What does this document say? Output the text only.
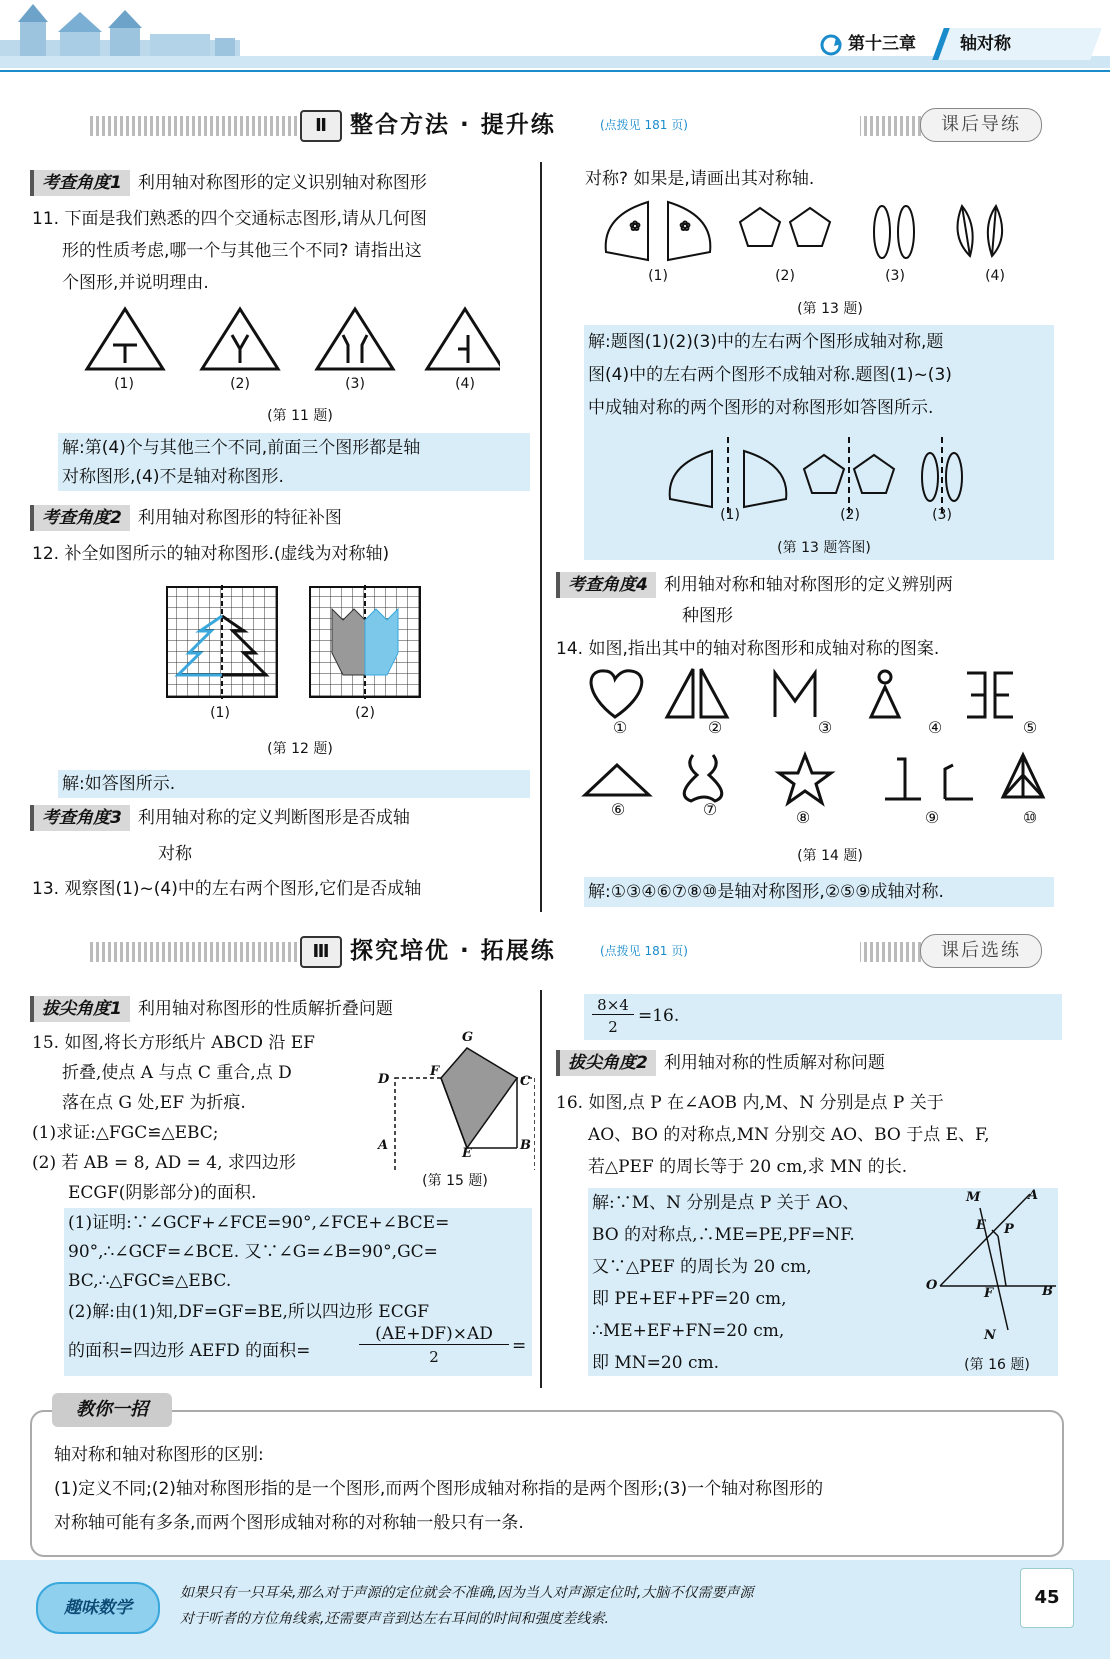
第十三章	轴对称
Ⅱ	整合方法 · 提升练	(点拨见 181 页)	课后导练
考查角度1 利用轴对称图形的定义识别轴对称图形
11. 下面是我们熟悉的四个交通标志图形,请从几何图
形的性质考虑,哪一个与其他三个不同? 请指出这
个图形,并说明理由.
(1)	(2)	(3)	(4)
(第 11 题)
解:第(4)个与其他三个不同,前面三个图形都是轴
对称图形,(4)不是轴对称图形.
考查角度2 利用轴对称图形的特征补图
12. 补全如图所示的轴对称图形.(虚线为对称轴)
(1)	(2)
(第 12 题)
解:如答图所示.
考查角度3 利用轴对称的定义判断图形是否成轴
对称
13. 观察图(1)~(4)中的左右两个图形,它们是否成轴
对称? 如果是,请画出其对称轴.
✿	✿
(1)	(2)	(3)	(4)
(第 13 题)
解:题图(1)(2)(3)中的左右两个图形成轴对称,题
图(4)中的左右两个图形不成轴对称.题图(1)~(3)
中成轴对称的两个图形的对称图形如答图所示.
(1)	(2)	(3)
(第 13 题答图)
考查角度4 利用轴对称和轴对称图形的定义辨别两
种图形
14. 如图,指出其中的轴对称图形和成轴对称的图案.
①	②	③	④	⑤
⑥	⑦	⑧	⑨	⑩
(第 14 题)
解:①③④⑥⑦⑧⑩是轴对称图形,②⑤⑨成轴对称.
Ⅲ 探究培优 · 拓展练	(点拨见 181 页)	课后选练
拔尖角度1 利用轴对称图形的性质解折叠问题
15. 如图,将长方形纸片 ABCD 沿 EF
折叠,使点 A 与点 C 重合,点 D
落在点 G 处,EF 为折痕.
(1)求证:△FGC≌△EBC;
(2) 若 AB = 8, AD = 4, 求四边形
ECGF(阴影部分)的面积.
G
D
F
C
A
E
B
(第 15 题)
(1)证明:∵∠GCF+∠FCE=90°,∠FCE+∠BCE=
90°,∴∠GCF=∠BCE. 又∵∠G=∠B=90°,GC=
BC,∴△FGC≌△EBC.
(2)解:由(1)知,DF=GF=BE,所以四边形 ECGF
的面积=四边形 AEFD 的面积=
(AE+DF)×AD
2
=
8×4
2
=16.
拔尖角度2 利用轴对称的性质解对称问题
16. 如图,点 P 在∠AOB 内,M、N 分别是点 P 关于
AO、BO 的对称点,MN 分别交 AO、BO 于点 E、F,
若△PEF 的周长等于 20 cm,求 MN 的长.
解:∵M、N 分别是点 P 关于 AO、
BO 的对称点,∴ME=PE,PF=NF.
又∵△PEF 的周长为 20 cm,
即 PE+EF+PF=20 cm,
∴ME+EF+FN=20 cm,
即 MN=20 cm.
M	A
E P
O
F	B
N
(第 16 题)
轴对称和轴对称图形的区别:
(1)定义不同;(2)轴对称图形指的是一个图形,而两个图形成轴对称指的是两个图形;(3)一个轴对称图形的
对称轴可能有多条,而两个图形成轴对称的对称轴一般只有一条.
教你一招
趣味数学
如果只有一只耳朵,那么对于声源的定位就会不准确,因为当人对声源定位时,大脑不仅需要声源
对于听者的方位角线索,还需要声音到达左右耳间的时间和强度差线索.
45
